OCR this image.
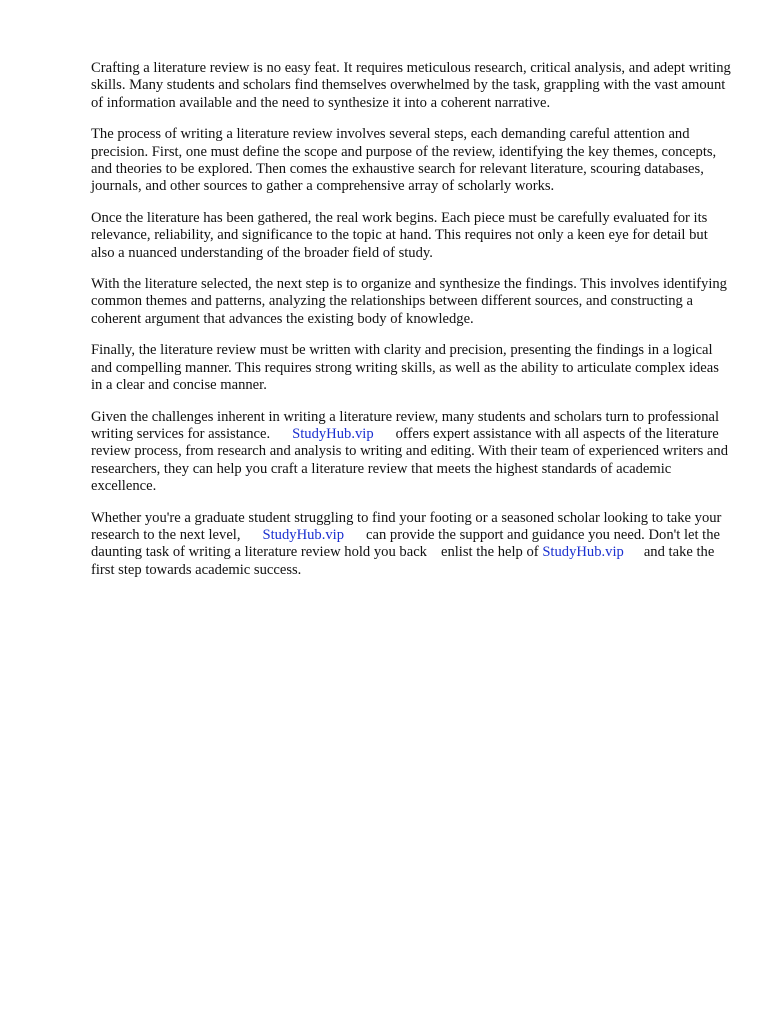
Crafting a literature review is no easy feat. It requires meticulous research, critical analysis, and adept writing skills. Many students and scholars find themselves overwhelmed by the task, grappling with the vast amount of information available and the need to synthesize it into a coherent narrative.

The process of writing a literature review involves several steps, each demanding careful attention and precision. First, one must define the scope and purpose of the review, identifying the key themes, concepts, and theories to be explored. Then comes the exhaustive search for relevant literature, scouring databases, journals, and other sources to gather a comprehensive array of scholarly works.

Once the literature has been gathered, the real work begins. Each piece must be carefully evaluated for its relevance, reliability, and significance to the topic at hand. This requires not only a keen eye for detail but also a nuanced understanding of the broader field of study.

With the literature selected, the next step is to organize and synthesize the findings. This involves identifying common themes and patterns, analyzing the relationships between different sources, and constructing a coherent argument that advances the existing body of knowledge.

Finally, the literature review must be written with clarity and precision, presenting the findings in a logical and compelling manner. This requires strong writing skills, as well as the ability to articulate complex ideas in a clear and concise manner.

Given the challenges inherent in writing a literature review, many students and scholars turn to professional writing services for assistance. StudyHub.vip offers expert assistance with all aspects of the literature review process, from research and analysis to writing and editing. With their team of experienced writers and researchers, they can help you craft a literature review that meets the highest standards of academic excellence.

Whether you're a graduate student struggling to find your footing or a seasoned scholar looking to take your research to the next level, StudyHub.vip can provide the support and guidance you need. Don't let the daunting task of writing a literature review hold you back enlist the help of StudyHub.vip and take the first step towards academic success.
